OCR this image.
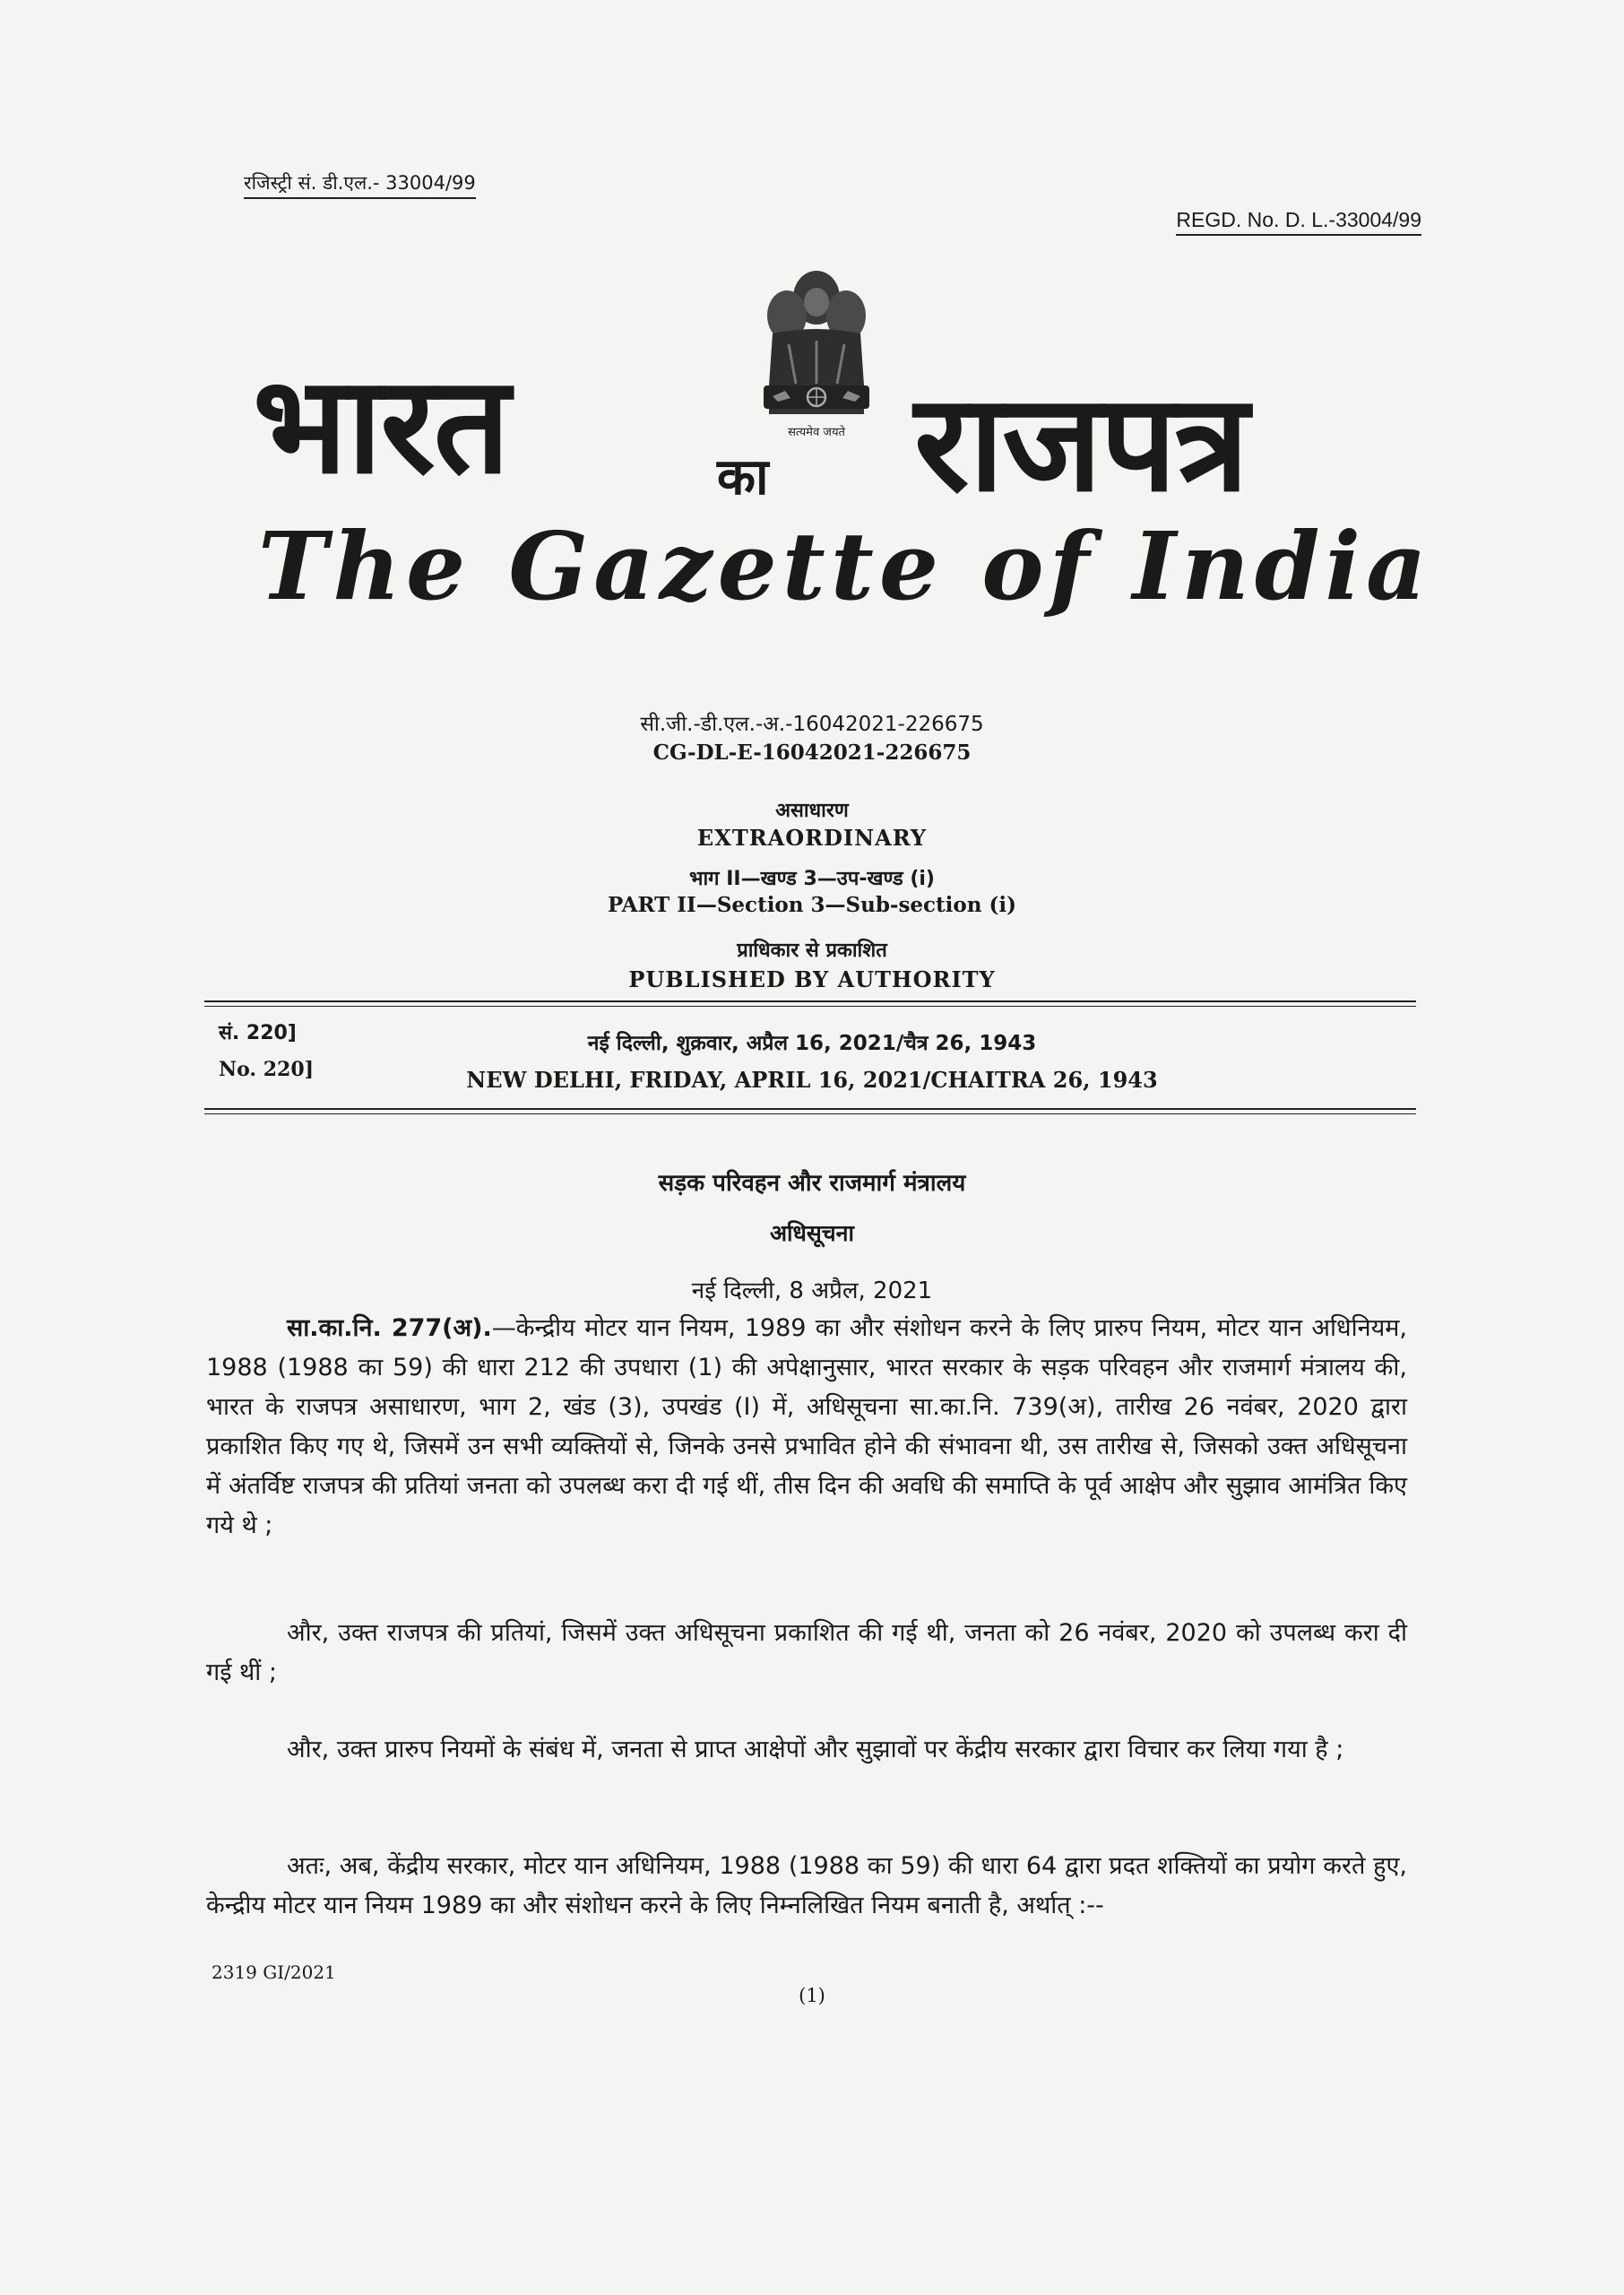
रजिस्ट्री सं. डी.एल.- 33004/99
REGD. No. D. L.-33004/99
सत्यमेव जयते
भारत	का राजपत्र
The Gazette of India
सी.जी.-डी.एल.-अ.-16042021-226675
CG-DL-E-16042021-226675
असाधारण
EXTRAORDINARY
भाग II—खण्ड 3—उप-खण्ड (i)
PART II—Section 3—Sub-section (i)
प्राधिकार से प्रकाशित
PUBLISHED BY AUTHORITY
सं. 220]
No. 220]
नई दिल्ली, शुक्रवार, अप्रैल 16, 2021/चैत्र 26, 1943
NEW DELHI, FRIDAY, APRIL 16, 2021/CHAITRA 26, 1943
सड़क परिवहन और राजमार्ग मंत्रालय
अधिसूचना
नई दिल्ली, 8 अप्रैल, 2021
सा.का.नि. 277(अ).—केन्द्रीय मोटर यान नियम, 1989 का और संशोधन करने के लिए प्रारुप नियम, मोटर यान अधिनियम, 1988 (1988 का 59) की धारा 212 की उपधारा (1) की अपेक्षानुसार, भारत सरकार के सड़क परिवहन और राजमार्ग मंत्रालय की, भारत के राजपत्र असाधारण, भाग 2, खंड (3), उपखंड (I) में, अधिसूचना सा.का.नि. 739(अ), तारीख 26 नवंबर, 2020 द्वारा प्रकाशित किए गए थे, जिसमें उन सभी व्यक्तियों से, जिनके उनसे प्रभावित होने की संभावना थी, उस तारीख से, जिसको उक्त अधिसूचना में अंतर्विष्ट राजपत्र की प्रतियां जनता को उपलब्ध करा दी गई थीं, तीस दिन की अवधि की समाप्ति के पूर्व आक्षेप और सुझाव आमंत्रित किए गये थे ;
और, उक्त राजपत्र की प्रतियां, जिसमें उक्त अधिसूचना प्रकाशित की गई थी, जनता को 26 नवंबर, 2020 को उपलब्ध करा दी गई थीं ;
और, उक्त प्रारुप नियमों के संबंध में, जनता से प्राप्त आक्षेपों और सुझावों पर केंद्रीय सरकार द्वारा विचार कर लिया गया है ;
अतः, अब, केंद्रीय सरकार, मोटर यान अधिनियम, 1988 (1988 का 59) की धारा 64 द्वारा प्रदत शक्तियों का प्रयोग करते हुए, केन्द्रीय मोटर यान नियम 1989 का और संशोधन करने के लिए निम्नलिखित नियम बनाती है, अर्थात् :--
2319 GI/2021
(1)
